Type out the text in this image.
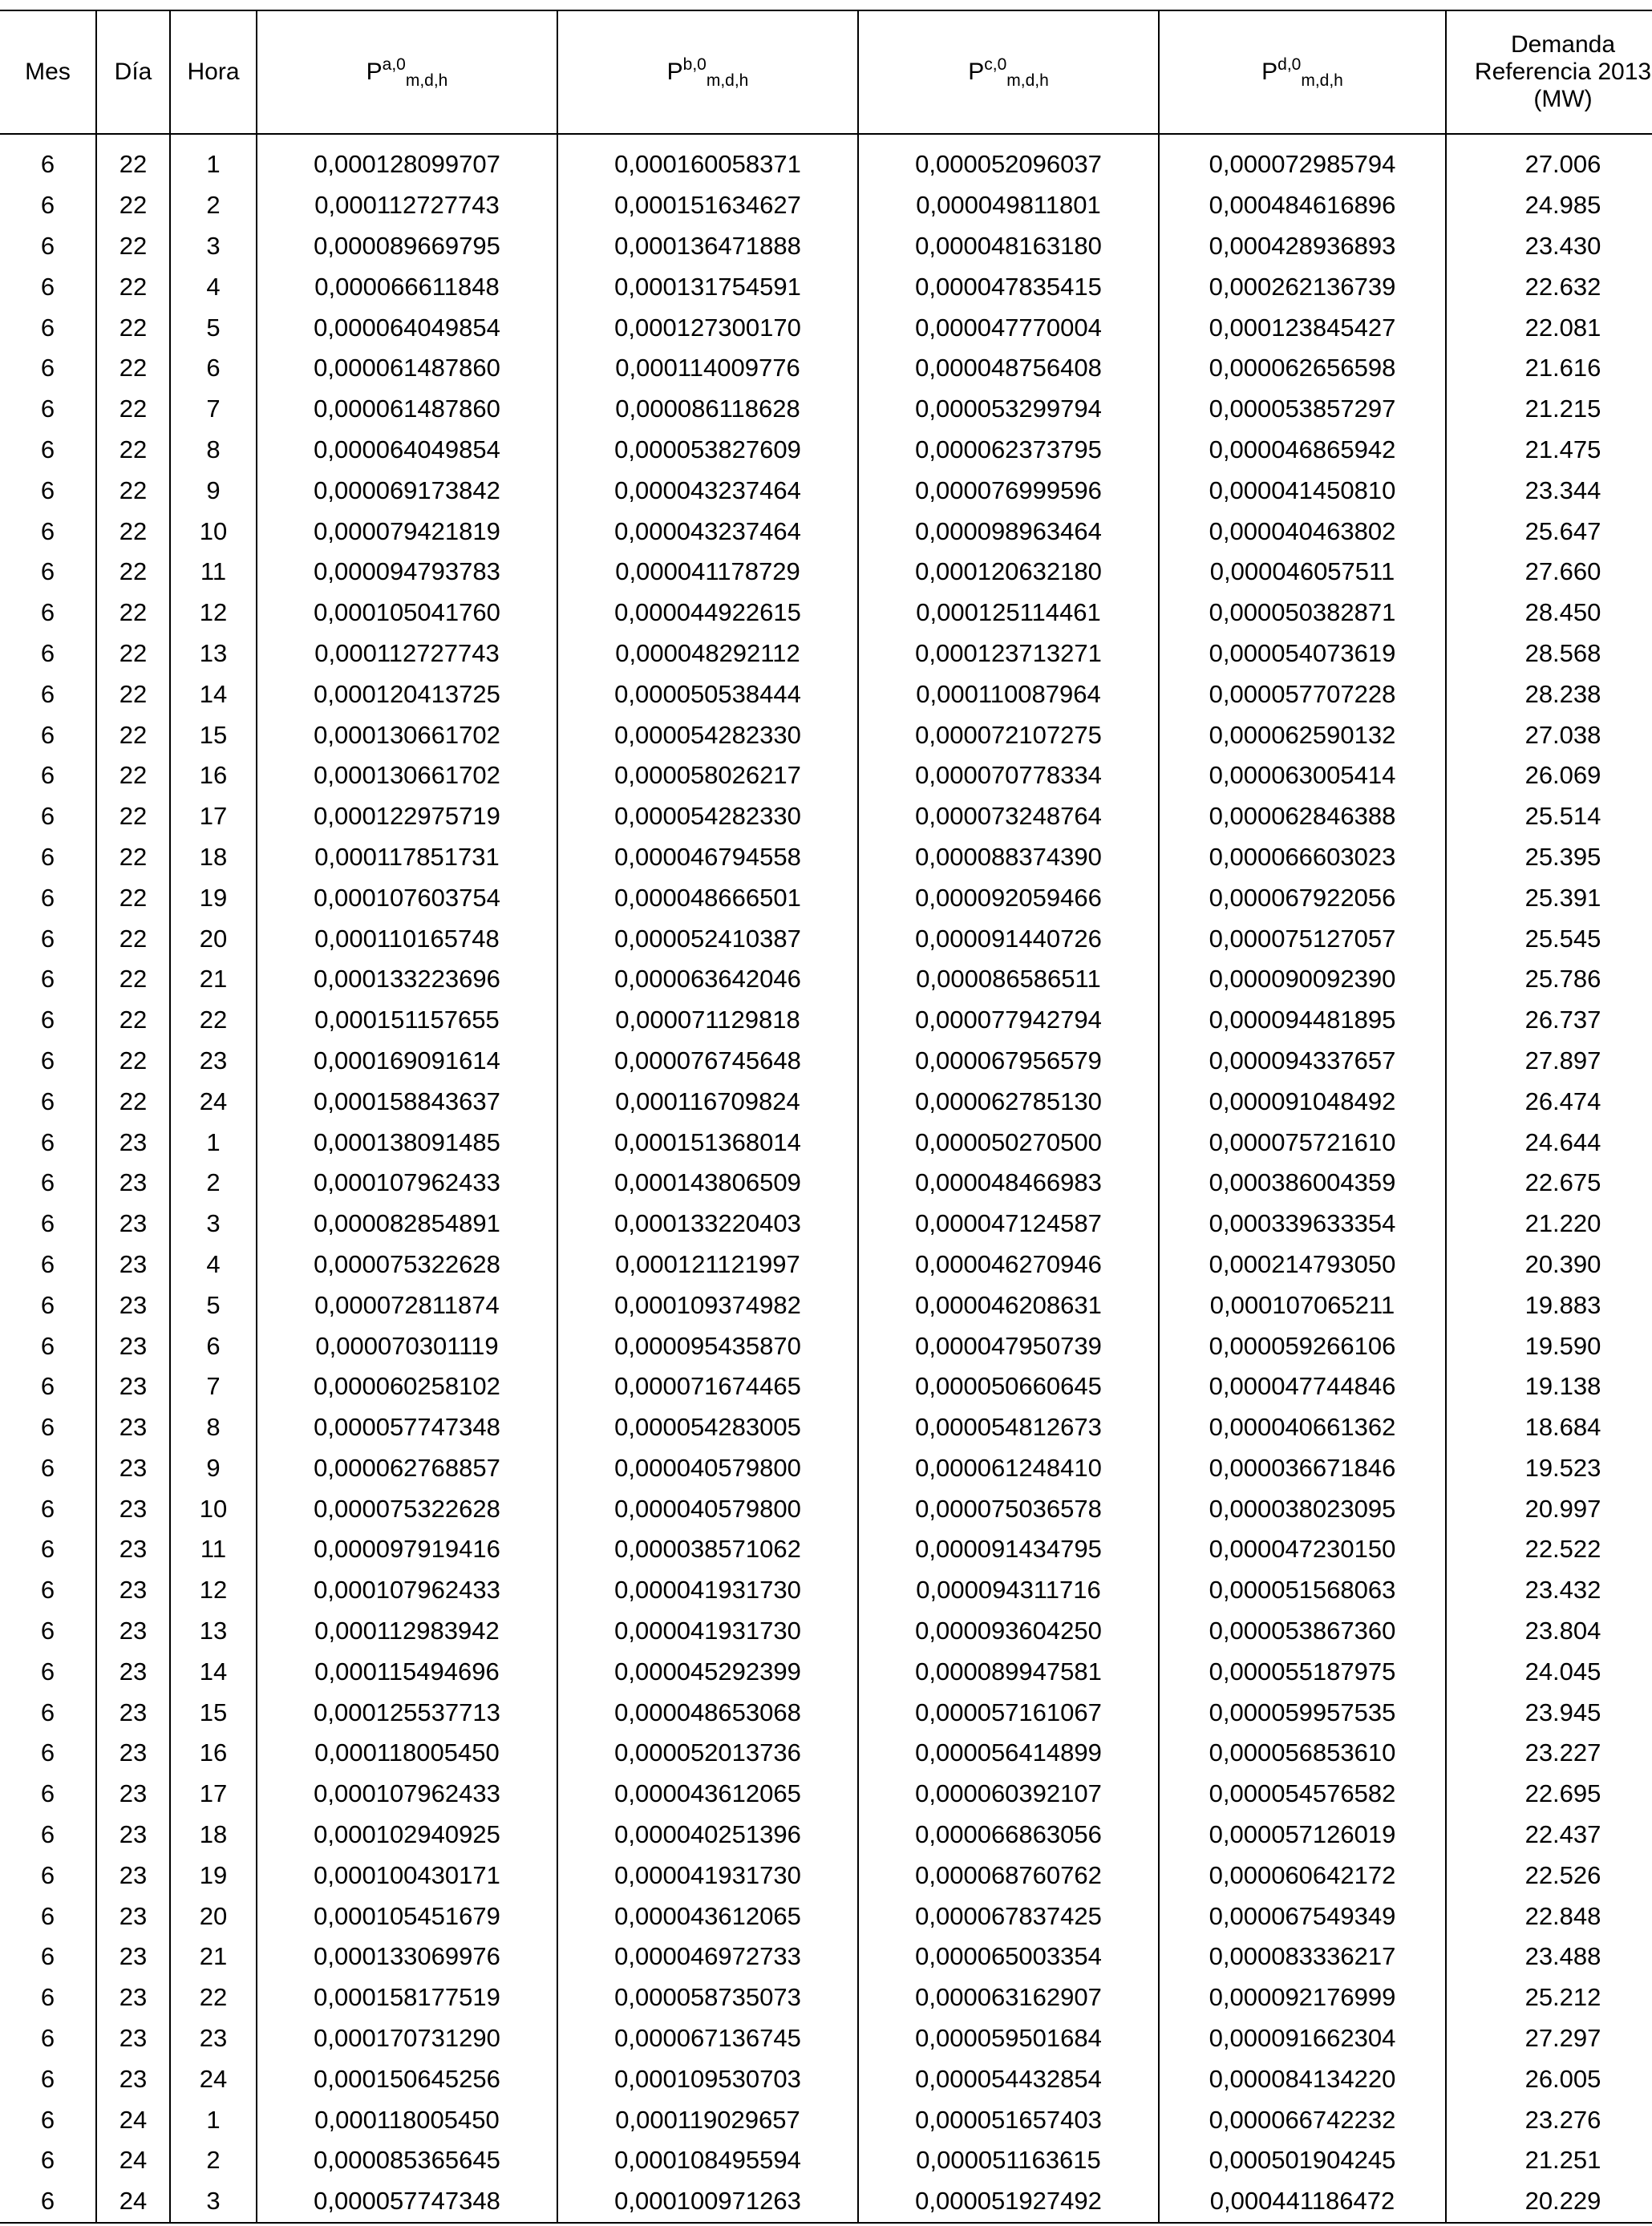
Mes	Día	Hora	P$^{a,0}_{m,d,h}$	P$^{b,0}_{m,d,h}$	P$^{c,0}_{m,d,h}$	P$^{d,0}_{m,d,h}$	Demanda
Referencia 2013
(MW)

6	22	1	0,000128099707	0,000160058371	0,000052096037	0,000072985794	27.006
6	22	2	0,000112727743	0,000151634627	0,000049811801	0,000484616896	24.985
6	22	3	0,000089669795	0,000136471888	0,000048163180	0,000428936893	23.430
6	22	4	0,000066611848	0,000131754591	0,000047835415	0,000262136739	22.632
6	22	5	0,000064049854	0,000127300170	0,000047770004	0,000123845427	22.081
6	22	6	0,000061487860	0,000114009776	0,000048756408	0,000062656598	21.616
6	22	7	0,000061487860	0,000086118628	0,000053299794	0,000053857297	21.215
6	22	8	0,000064049854	0,000053827609	0,000062373795	0,000046865942	21.475
6	22	9	0,000069173842	0,000043237464	0,000076999596	0,000041450810	23.344
6	22	10	0,000079421819	0,000043237464	0,000098963464	0,000040463802	25.647
6	22	11	0,000094793783	0,000041178729	0,000120632180	0,000046057511	27.660
6	22	12	0,000105041760	0,000044922615	0,000125114461	0,000050382871	28.450
6	22	13	0,000112727743	0,000048292112	0,000123713271	0,000054073619	28.568
6	22	14	0,000120413725	0,000050538444	0,000110087964	0,000057707228	28.238
6	22	15	0,000130661702	0,000054282330	0,000072107275	0,000062590132	27.038
6	22	16	0,000130661702	0,000058026217	0,000070778334	0,000063005414	26.069
6	22	17	0,000122975719	0,000054282330	0,000073248764	0,000062846388	25.514
6	22	18	0,000117851731	0,000046794558	0,000088374390	0,000066603023	25.395
6	22	19	0,000107603754	0,000048666501	0,000092059466	0,000067922056	25.391
6	22	20	0,000110165748	0,000052410387	0,000091440726	0,000075127057	25.545
6	22	21	0,000133223696	0,000063642046	0,000086586511	0,000090092390	25.786
6	22	22	0,000151157655	0,000071129818	0,000077942794	0,000094481895	26.737
6	22	23	0,000169091614	0,000076745648	0,000067956579	0,000094337657	27.897
6	22	24	0,000158843637	0,000116709824	0,000062785130	0,000091048492	26.474
6	23	1	0,000138091485	0,000151368014	0,000050270500	0,000075721610	24.644
6	23	2	0,000107962433	0,000143806509	0,000048466983	0,000386004359	22.675
6	23	3	0,000082854891	0,000133220403	0,000047124587	0,000339633354	21.220
6	23	4	0,000075322628	0,000121121997	0,000046270946	0,000214793050	20.390
6	23	5	0,000072811874	0,000109374982	0,000046208631	0,000107065211	19.883
6	23	6	0,000070301119	0,000095435870	0,000047950739	0,000059266106	19.590
6	23	7	0,000060258102	0,000071674465	0,000050660645	0,000047744846	19.138
6	23	8	0,000057747348	0,000054283005	0,000054812673	0,000040661362	18.684
6	23	9	0,000062768857	0,000040579800	0,000061248410	0,000036671846	19.523
6	23	10	0,000075322628	0,000040579800	0,000075036578	0,000038023095	20.997
6	23	11	0,000097919416	0,000038571062	0,000091434795	0,000047230150	22.522
6	23	12	0,000107962433	0,000041931730	0,000094311716	0,000051568063	23.432
6	23	13	0,000112983942	0,000041931730	0,000093604250	0,000053867360	23.804
6	23	14	0,000115494696	0,000045292399	0,000089947581	0,000055187975	24.045
6	23	15	0,000125537713	0,000048653068	0,000057161067	0,000059957535	23.945
6	23	16	0,000118005450	0,000052013736	0,000056414899	0,000056853610	23.227
6	23	17	0,000107962433	0,000043612065	0,000060392107	0,000054576582	22.695
6	23	18	0,000102940925	0,000040251396	0,000066863056	0,000057126019	22.437
6	23	19	0,000100430171	0,000041931730	0,000068760762	0,000060642172	22.526
6	23	20	0,000105451679	0,000043612065	0,000067837425	0,000067549349	22.848
6	23	21	0,000133069976	0,000046972733	0,000065003354	0,000083336217	23.488
6	23	22	0,000158177519	0,000058735073	0,000063162907	0,000092176999	25.212
6	23	23	0,000170731290	0,000067136745	0,000059501684	0,000091662304	27.297
6	23	24	0,000150645256	0,000109530703	0,000054432854	0,000084134220	26.005
6	24	1	0,000118005450	0,000119029657	0,000051657403	0,000066742232	23.276
6	24	2	0,000085365645	0,000108495594	0,000051163615	0,000501904245	21.251
6	24	3	0,000057747348	0,000100971263	0,000051927492	0,000441186472	20.229
